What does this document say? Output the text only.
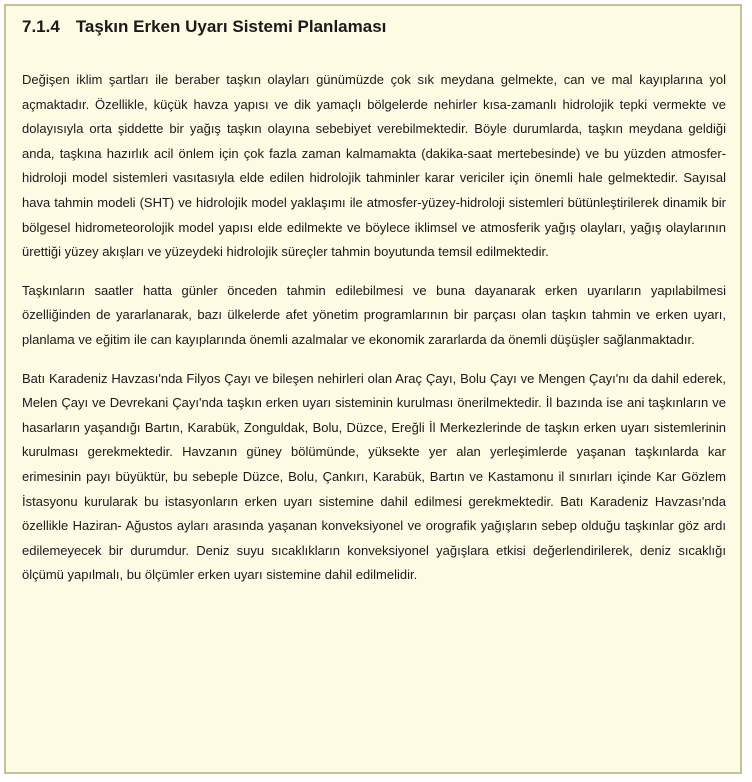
7.1.4 Taşkın Erken Uyarı Sistemi Planlaması

Değişen iklim şartları ile beraber taşkın olayları günümüzde çok sık meydana gelmekte, can ve mal kayıplarına yol açmaktadır. Özellikle, küçük havza yapısı ve dik yamaçlı bölgelerde nehirler kısa-zamanlı hidrolojik tepki vermekte ve dolayısıyla orta şiddette bir yağış taşkın olayına sebebiyet verebilmektedir. Böyle durumlarda, taşkın meydana geldiği anda, taşkına hazırlık acil önlem için çok fazla zaman kalmamakta (dakika-saat mertebesinde) ve bu yüzden atmosfer-hidroloji model sistemleri vasıtasıyla elde edilen hidrolojik tahminler karar vericiler için önemli hale gelmektedir. Sayısal hava tahmin modeli (SHT) ve hidrolojik model yaklaşımı ile atmosfer-yüzey-hidroloji sistemleri bütünleştirilerek dinamik bir bölgesel hidrometeorolojik model yapısı elde edilmekte ve böylece iklimsel ve atmosferik yağış olayları, yağış olaylarının ürettiği yüzey akışları ve yüzeydeki hidrolojik süreçler tahmin boyutunda temsil edilmektedir.

Taşkınların saatler hatta günler önceden tahmin edilebilmesi ve buna dayanarak erken uyarıların yapılabilmesi özelliğinden de yararlanarak, bazı ülkelerde afet yönetim programlarının bir parçası olan taşkın tahmin ve erken uyarı, planlama ve eğitim ile can kayıplarında önemli azalmalar ve ekonomik zararlarda da önemli düşüşler sağlanmaktadır.

Batı Karadeniz Havzası'nda Filyos Çayı ve bileşen nehirleri olan Araç Çayı, Bolu Çayı ve Mengen Çayı'nı da dahil ederek, Melen Çayı ve Devrekani Çayı'nda taşkın erken uyarı sisteminin kurulması önerilmektedir. İl bazında ise ani taşkınların ve hasarların yaşandığı Bartın, Karabük, Zonguldak, Bolu, Düzce, Ereğli İl Merkezlerinde de taşkın erken uyarı sistemlerinin kurulması gerekmektedir. Havzanın güney bölümünde, yüksekte yer alan yerleşimlerde yaşanan taşkınlarda kar erimesinin payı büyüktür, bu sebeple Düzce, Bolu, Çankırı, Karabük, Bartın ve Kastamonu il sınırları içinde Kar Gözlem İstasyonu kurularak bu istasyonların erken uyarı sistemine dahil edilmesi gerekmektedir. Batı Karadeniz Havzası'nda özellikle Haziran- Ağustos ayları arasında yaşanan konveksiyonel ve orografik yağışların sebep olduğu taşkınlar göz ardı edilemeyecek bir durumdur. Deniz suyu sıcaklıkların konveksiyonel yağışlara etkisi değerlendirilerek, deniz sıcaklığı ölçümü yapılmalı, bu ölçümler erken uyarı sistemine dahil edilmelidir.
